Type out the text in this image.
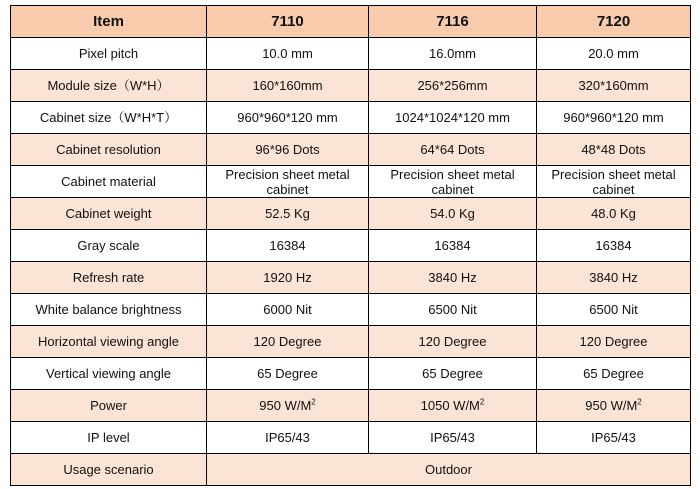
Item	7110	7116	7120
Pixel pitch	10.0 mm	16.0mm	20.0 mm
Module size（W*H）	160*160mm	256*256mm	320*160mm
Cabinet size（W*H*T）	960*960*120 mm	1024*1024*120 mm	960*960*120 mm
Cabinet resolution	96*96 Dots	64*64 Dots	48*48 Dots
Cabinet material	Precision sheet metal cabinet	Precision sheet metal cabinet	Precision sheet metal cabinet
Cabinet weight	52.5 Kg	54.0 Kg	48.0 Kg
Gray scale	16384	16384	16384
Refresh rate	1920 Hz	3840 Hz	3840 Hz
White balance brightness	6000 Nit	6500 Nit	6500 Nit
Horizontal viewing angle	120 Degree	120 Degree	120 Degree
Vertical viewing angle	65 Degree	65 Degree	65 Degree
Power	950 $W/M^2$	1050 $W/M^2$	950 $W/M^2$
IP level	IP65/43	IP65/43	IP65/43
Usage scenario	Outdoor		
